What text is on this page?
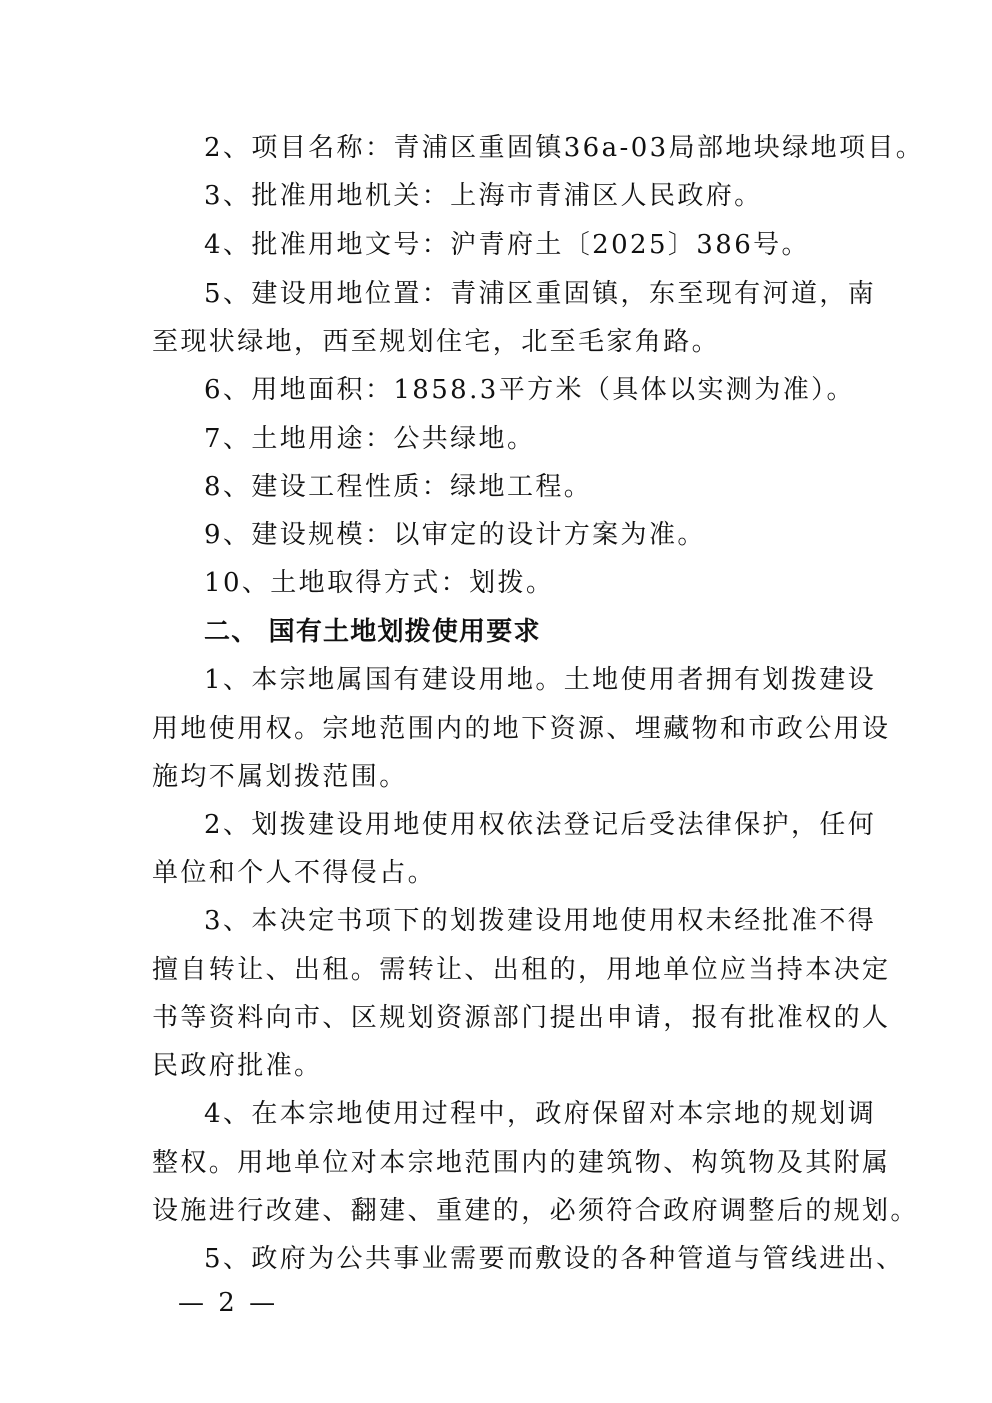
2、项目名称：青浦区重固镇36a-03局部地块绿地项目。
3、批准用地机关：上海市青浦区人民政府。
4、批准用地文号：沪青府土〔2025〕386号。
5、建设用地位置：青浦区重固镇，东至现有河道，南
至现状绿地，西至规划住宅，北至毛家角路。
6、用地面积：1858.3平方米（具体以实测为准）。
7、土地用途：公共绿地。
8、建设工程性质：绿地工程。
9、建设规模：以审定的设计方案为准。
10、土地取得方式：划拨。
二、 国有土地划拨使用要求
1、本宗地属国有建设用地。土地使用者拥有划拨建设
用地使用权。宗地范围内的地下资源、埋藏物和市政公用设
施均不属划拨范围。
2、划拨建设用地使用权依法登记后受法律保护，任何
单位和个人不得侵占。
3、本决定书项下的划拨建设用地使用权未经批准不得
擅自转让、出租。需转让、出租的，用地单位应当持本决定
书等资料向市、区规划资源部门提出申请，报有批准权的人
民政府批准。
4、在本宗地使用过程中，政府保留对本宗地的规划调
整权。用地单位对本宗地范围内的建筑物、构筑物及其附属
设施进行改建、翻建、重建的，必须符合政府调整后的规划。
5、政府为公共事业需要而敷设的各种管道与管线进出、
— 2 —
